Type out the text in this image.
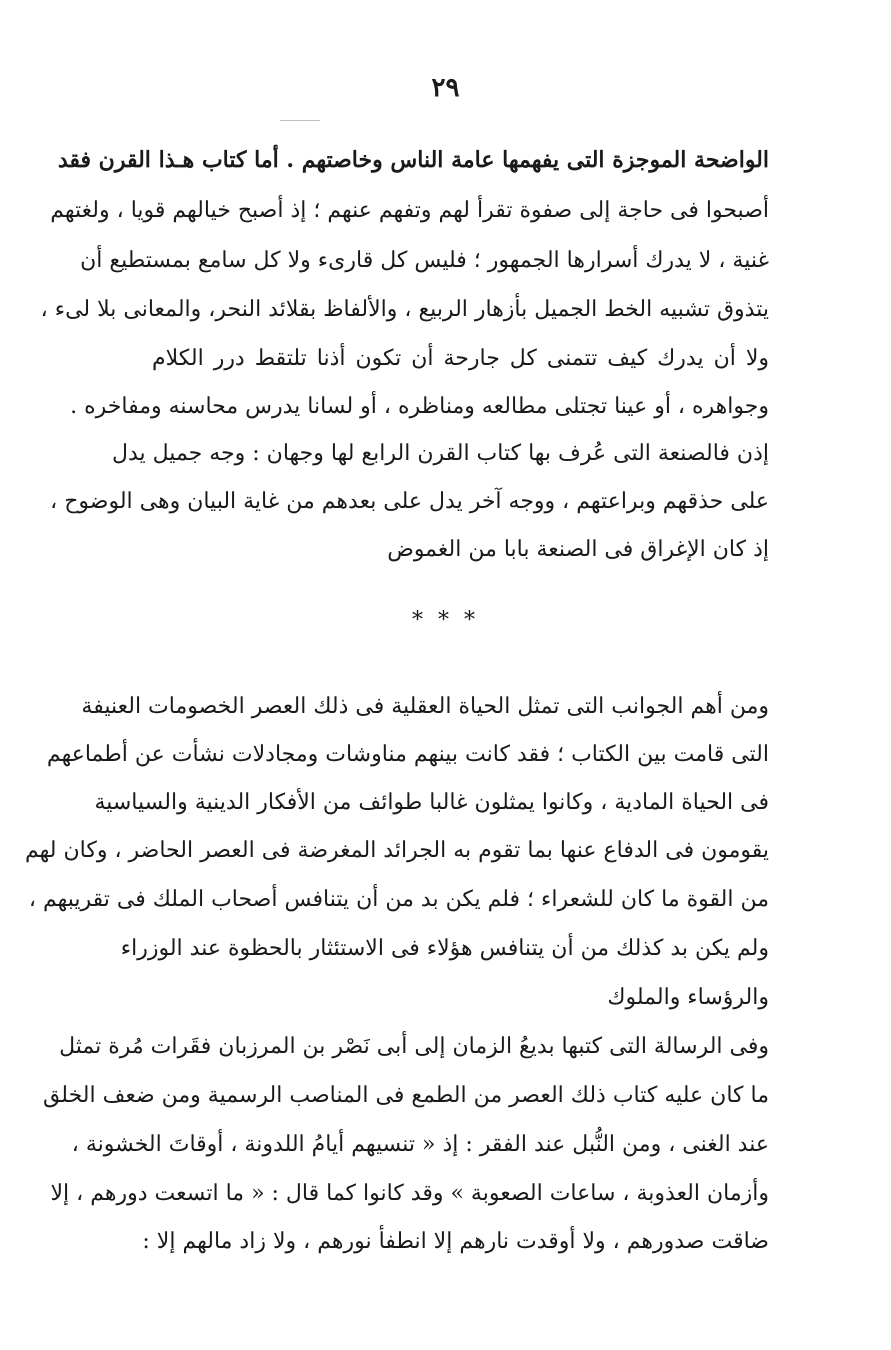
٢٩
الواضحة الموجزة التى يفهمها عامة الناس وخاصتهم . أما كتاب هـذا القرن فقد
أصبحوا فى حاجة إلى صفوة تقرأ لهم وتفهم عنهم ؛ إذ أصبح خيالهم قويا ، ولغتهم
غنية ، لا يدرك أسرارها الجمهور ؛ فليس كل قارىء ولا كل سامع بمستطيع أن
يتذوق تشبيه الخط الجميل بأزهار الربيع ، والألفاظ بقلائد النحر، والمعانى بلا لىء ،
ولا أن يدرك كيف تتمنى كل جارحة أن تكون أذنا تلتقط درر الكلام
وجواهره ، أو عينا تجتلى مطالعه ومناظره ، أو لسانا يدرس محاسنه ومفاخره .
إذن فالصنعة التى عُرف بها كتاب القرن الرابع لها وجهان : وجه جميل يدل
على حذقهم وبراعتهم ، ووجه آخر يدل على بعدهم من غاية البيان وهى الوضوح ،
إذ كان الإغراق فى الصنعة بابا من الغموض
* * *
ومن أهم الجوانب التى تمثل الحياة العقلية فى ذلك العصر الخصومات العنيفة
التى قامت بين الكتاب ؛ فقد كانت بينهم مناوشات ومجادلات نشأت عن أطماعهم
فى الحياة المادية ، وكانوا يمثلون غالبا طوائف من الأفكار الدينية والسياسية
يقومون فى الدفاع عنها بما تقوم به الجرائد المغرضة فى العصر الحاضر ، وكان لهم
من القوة ما كان للشعراء ؛ فلم يكن بد من أن يتنافس أصحاب الملك فى تقريبهم ،
ولم يكن بد كذلك من أن يتنافس هؤلاء فى الاستئثار بالحظوة عند الوزراء
والرؤساء والملوك
وفى الرسالة التى كتبها بديعُ الزمان إلى أبى نَصْر بن المرزبان فقَرات مُرة تمثل
ما كان عليه كتاب ذلك العصر من الطمع فى المناصب الرسمية ومن ضعف الخلق
عند الغنى ، ومن النُّبل عند الفقر : إذ « تنسيهم أيامُ اللدونة ، أوقاتَ الخشونة ،
وأزمان العذوبة ، ساعات الصعوبة » وقد كانوا كما قال : « ما اتسعت دورهم ، إلا
ضاقت صدورهم ، ولا أوقدت نارهم إلا انطفأ نورهم ، ولا زاد مالهم إلا :
